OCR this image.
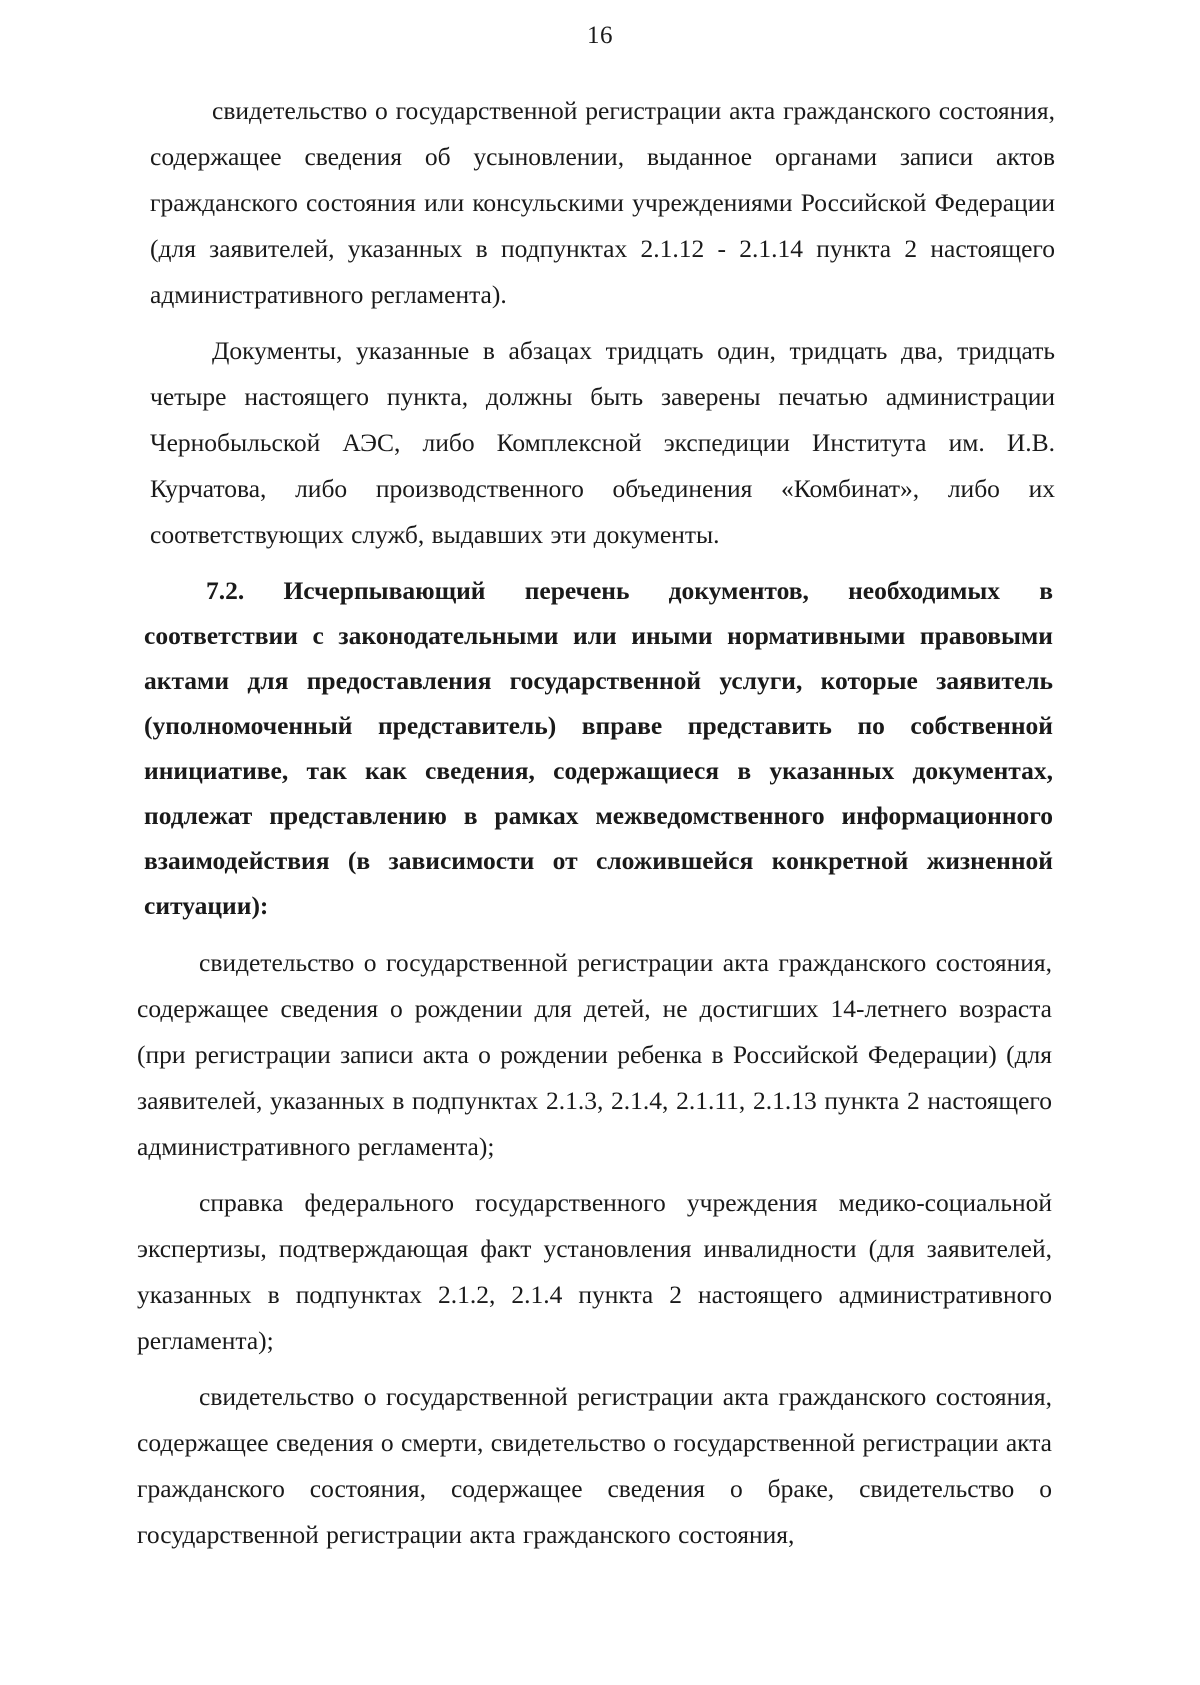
16

свидетельство о государственной регистрации акта гражданского состояния, содержащее сведения об усыновлении, выданное органами записи актов гражданского состояния или консульскими учреждениями Российской Федерации (для заявителей, указанных в подпунктах 2.1.12 - 2.1.14 пункта 2 настоящего административного регламента).

Документы, указанные в абзацах тридцать один, тридцать два, тридцать четыре настоящего пункта, должны быть заверены печатью администрации Чернобыльской АЭС, либо Комплексной экспедиции Института им. И.В. Курчатова, либо производственного объединения «Комбинат», либо их соответствующих служб, выдавших эти документы.

7.2. Исчерпывающий перечень документов, необходимых в соответствии с законодательными или иными нормативными правовыми актами для предоставления государственной услуги, которые заявитель (уполномоченный представитель) вправе представить по собственной инициативе, так как сведения, содержащиеся в указанных документах, подлежат представлению в рамках межведомственного информационного взаимодействия (в зависимости от сложившейся конкретной жизненной ситуации):

свидетельство о государственной регистрации акта гражданского состояния, содержащее сведения о рождении для детей, не достигших 14-летнего возраста (при регистрации записи акта о рождении ребенка в Российской Федерации) (для заявителей, указанных в подпунктах 2.1.3, 2.1.4, 2.1.11, 2.1.13 пункта 2 настоящего административного регламента);

справка федерального государственного учреждения медико-социальной экспертизы, подтверждающая факт установления инвалидности (для заявителей, указанных в подпунктах 2.1.2, 2.1.4 пункта 2 настоящего административного регламента);

свидетельство о государственной регистрации акта гражданского состояния, содержащее сведения о смерти, свидетельство о государственной регистрации акта гражданского состояния, содержащее сведения о браке, свидетельство о государственной регистрации акта гражданского состояния,
